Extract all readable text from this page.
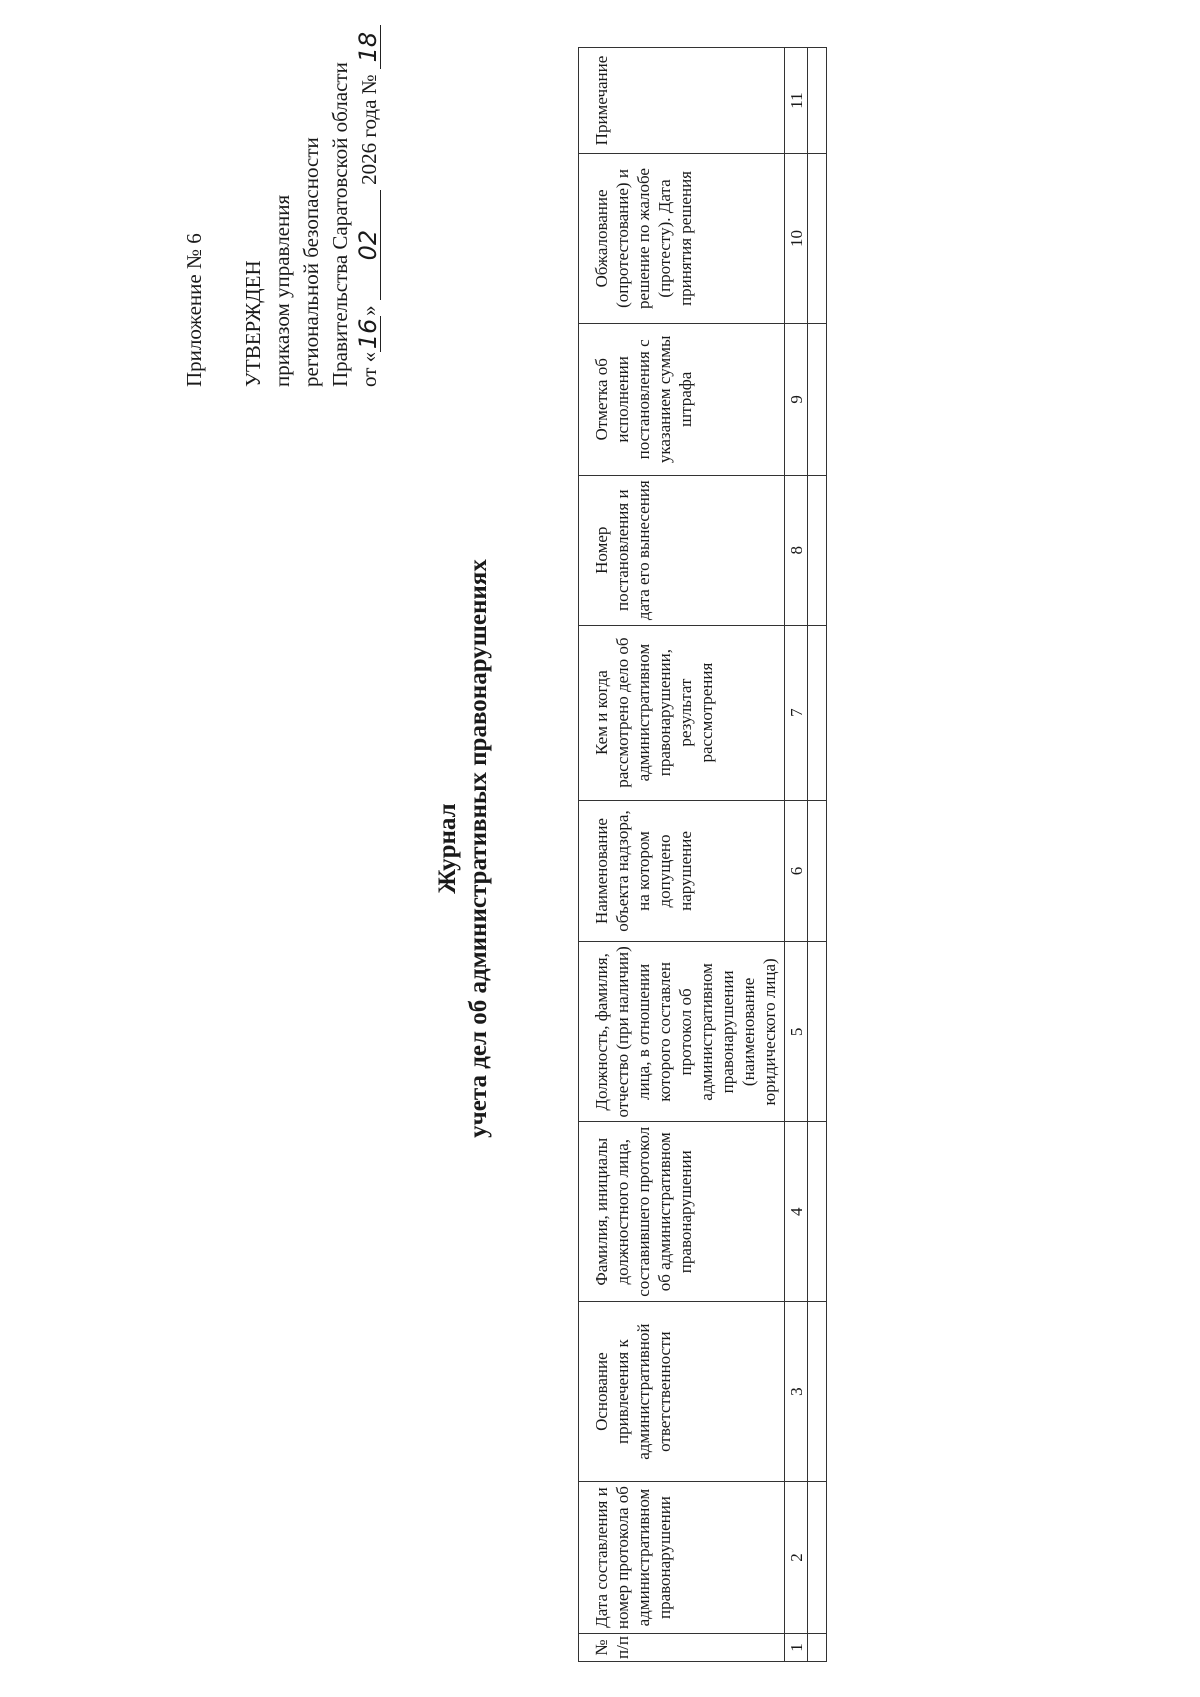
Приложение № 6 УТВЕРЖДЕН приказом управления региональной безопасности Правительства Саратовской области от «16» 02 2026 года № 18
Журнал учета дел об административных правонарушениях
№ п/п	Дата составления и номер протокола об административном правонарушении	Основание привлечения к административной ответственности	Фамилия, инициалы должностного лица, составившего протокол об административном правонарушении	Должность, фамилия, отчество (при наличии) лица, в отношении которого составлен протокол об административном правонарушении (наименование юридического лица)	Наименование объекта надзора, на котором допущено нарушение	Кем и когда рассмотрено дело об административном правонарушении, результат рассмотрения	Номер постановления и дата его вынесения	Отметка об исполнении постановления с указанием суммы штрафа	Обжалование (опротестование) и решение по жалобе (протесту). Дата принятия решения	Примечание
1	2	3	4	5	6	7	8	9	10	11
